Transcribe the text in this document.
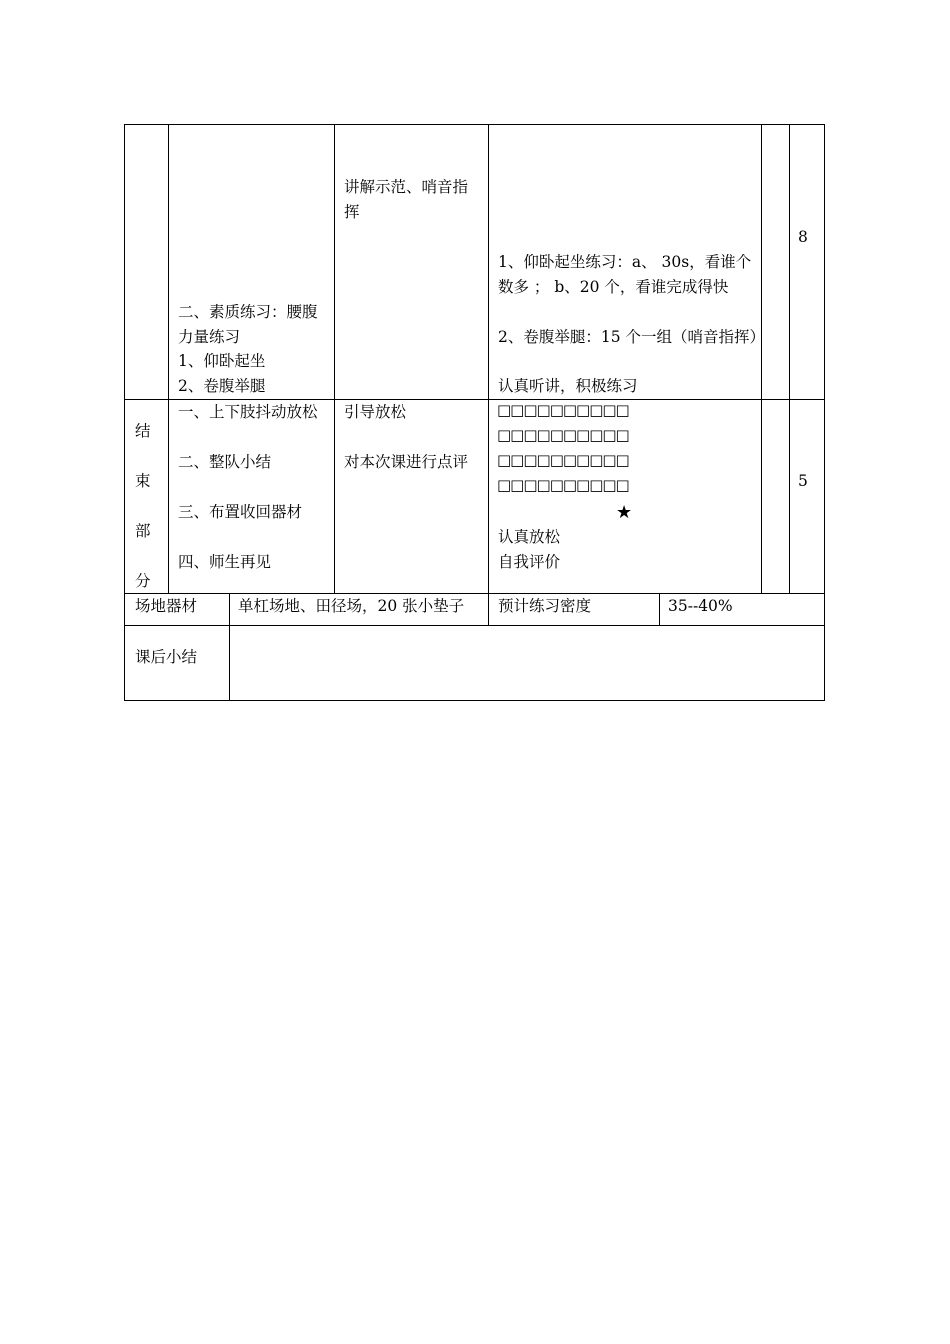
讲解示范、哨音指
挥
8
1、仰卧起坐练习：a、 30s，看谁个
数多 ； b、20 个，看谁完成得快
2、卷腹举腿：15 个一组（哨音指挥）
认真听讲，积极练习
二、素质练习：腰腹
力量练习
1、仰卧起坐
2、卷腹举腿
结
束
部
分
一、上下肢抖动放松
二、整队小结
三、布置收回器材
四、师生再见
引导放松
对本次课进行点评
□□□□□□□□□□
□□□□□□□□□□
□□□□□□□□□□
□□□□□□□□□□
★
认真放松
自我评价
5
场地器材	单杠场地、田径场，20 张小垫子 预计练习密度	35--40%
课后小结
